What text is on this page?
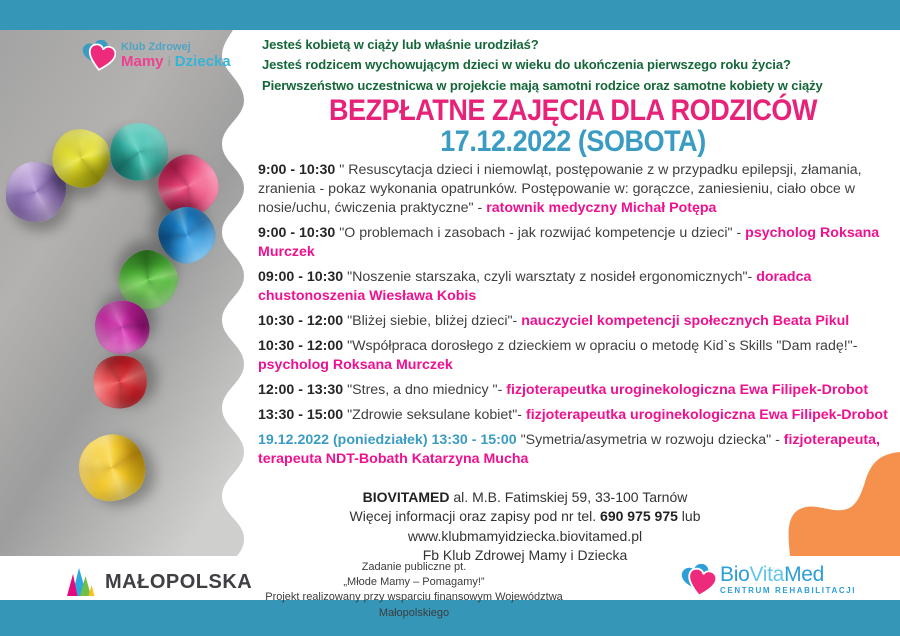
Klub Zdrowej
Mamy i Dziecka
Jesteś kobietą w ciąży lub właśnie urodziłaś?
Jesteś rodzicem wychowującym dzieci w wieku do ukończenia pierwszego roku życia?
Pierwszeństwo uczestnicwa w projekcie mają samotni rodzice oraz samotne kobiety w ciąży
BEZPŁATNE ZAJĘCIA DLA RODZICÓW
17.12.2022 (SOBOTA)
9:00 - 10:30 " Resuscytacja dzieci i niemowląt, postępowanie z w przypadku epilepsji, złamania, zranienia - pokaz wykonania opatrunków. Postępowanie w: gorączce, zaniesieniu, ciało obce w nosie/uchu, ćwiczenia praktyczne" - ratownik medyczny Michał Potępa
9:00 - 10:30 "O problemach i zasobach - jak rozwijać kompetencje u dzieci" - psycholog Roksana Murczek
09:00 - 10:30 "Noszenie starszaka, czyli warsztaty z nosideł ergonomicznych"- doradca chustonoszenia Wiesława Kobis
10:30 - 12:00 "Bliżej siebie, bliżej dzieci"- nauczyciel kompetencji społecznych Beata Pikul
10:30 - 12:00 "Współpraca dorosłego z dzieckiem w opraciu o metodę Kid`s Skills "Dam radę!"- psycholog Roksana Murczek
12:00 - 13:30 "Stres, a dno miednicy "- fizjoterapeutka uroginekologiczna Ewa Filipek-Drobot
13:30 - 15:00 "Zdrowie seksulane kobiet"- fizjoterapeutka uroginekologiczna Ewa Filipek-Drobot
19.12.2022 (poniedziałek) 13:30 - 15:00 "Symetria/asymetria w rozwoju dziecka" - fizjoterapeuta, terapeuta NDT-Bobath Katarzyna Mucha
BIOVITAMED al. M.B. Fatimskiej 59, 33-100 Tarnów
Więcej informacji oraz zapisy pod nr tel. 690 975 975 lub
www.klubmamyidziecka.biovitamed.pl
Fb Klub Zdrowej Mamy i Dziecka
MAŁOPOLSKA
Zadanie publiczne pt.
„Młode Mamy – Pomagamy!”
Projekt realizowany przy wsparciu finansowym Województwa Małopolskiego
BioVitaMed
CENTRUM REHABILITACJI
